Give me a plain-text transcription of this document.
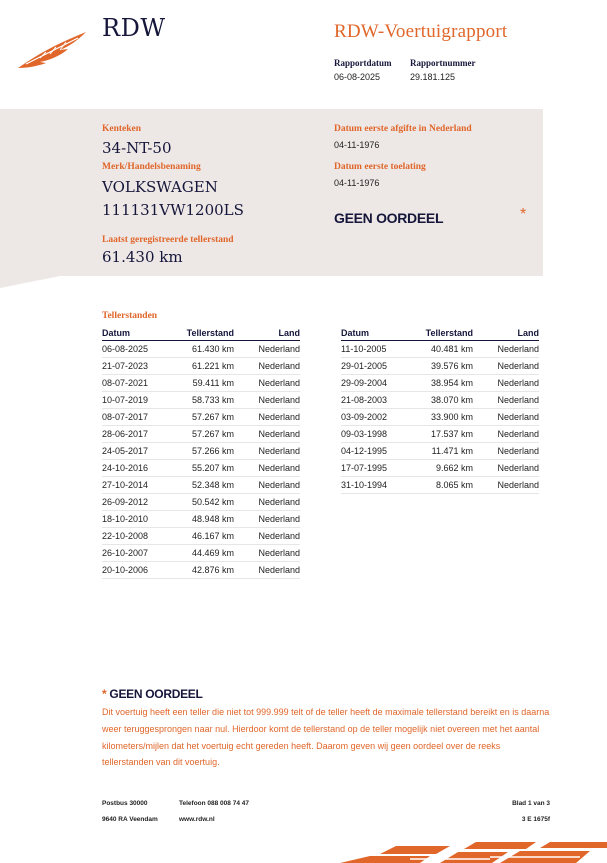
RDW	RDW-Voertuigrapport
Rapportdatum
06-08-2025
Rapportnummer
29.181.125
Kenteken
34-NT-50
Merk/Handelsbenaming
VOLKSWAGEN
111131VW1200LS
Laatst geregistreerde tellerstand
61.430 km
Datum eerste afgifte in Nederland
04-11-1976
Datum eerste toelating
04-11-1976
GEEN OORDEEL	*
Tellerstanden
Datum	Tellerstand	Land
06-08-2025	61.430 km	Nederland
21-07-2023	61.221 km	Nederland
08-07-2021	59.411 km	Nederland
10-07-2019	58.733 km	Nederland
08-07-2017	57.267 km	Nederland
28-06-2017	57.267 km	Nederland
24-05-2017	57.266 km	Nederland
24-10-2016	55.207 km	Nederland
27-10-2014	52.348 km	Nederland
26-09-2012	50.542 km	Nederland
18-10-2010	48.948 km	Nederland
22-10-2008	46.167 km	Nederland
26-10-2007	44.469 km	Nederland
20-10-2006	42.876 km	Nederland
Datum	Tellerstand	Land
11-10-2005	40.481 km	Nederland
29-01-2005	39.576 km	Nederland
29-09-2004	38.954 km	Nederland
21-08-2003	38.070 km	Nederland
03-09-2002	33.900 km	Nederland
09-03-1998	17.537 km	Nederland
04-12-1995	11.471 km	Nederland
17-07-1995	9.662 km	Nederland
31-10-1994	8.065 km	Nederland
* GEEN OORDEEL
Dit voertuig heeft een teller die niet tot 999.999 telt of de teller heeft de maximale tellerstand bereikt en is daarna weer teruggesprongen naar nul. Hierdoor komt de tellerstand op de teller mogelijk niet overeen met het aantal kilometers/mijlen dat het voertuig echt gereden heeft. Daarom geven wij geen oordeel over de reeks tellerstanden van dit voertuig.
Postbus 30000
9640 RA Veendam
Telefoon 088 008 74 47
www.rdw.nl
Blad 1 van 3
3 E 1675f
